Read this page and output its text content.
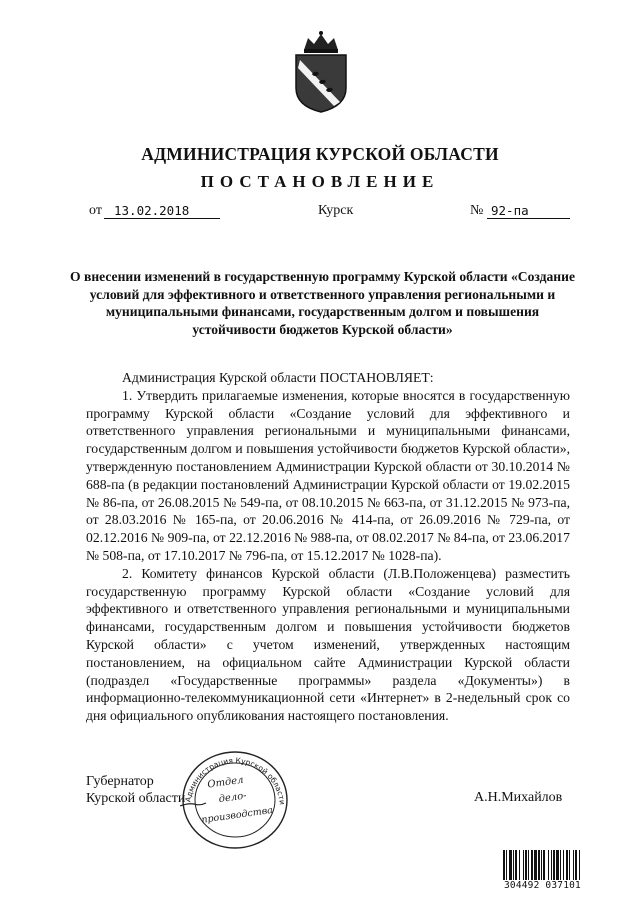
АДМИНИСТРАЦИЯ КУРСКОЙ ОБЛАСТИ
ПОСТАНОВЛЕНИЕ
от 13.02.2018	Курск	№ 92-па
О внесении изменений в государственную программу Курской области «Создание условий для эффективного и ответственного управления региональными и муниципальными финансами, государственным долгом и повышения устойчивости бюджетов Курской области»

Администрация Курской области ПОСТАНОВЛЯЕТ:

1. Утвердить прилагаемые изменения, которые вносятся в государственную программу Курской области «Создание условий для эффективного и ответственного управления региональными и муниципальными финансами, государственным долгом и повышения устойчивости бюджетов Курской области», утвержденную постановлением Администрации Курской области от 30.10.2014 № 688-па (в редакции постановлений Администрации Курской области от 19.02.2015 № 86-па, от 26.08.2015 № 549-па, от 08.10.2015 № 663-па, от 31.12.2015 № 973-па, от 28.03.2016 № 165-па, от 20.06.2016 № 414-па, от 26.09.2016 № 729-па, от 02.12.2016 № 909-па, от 22.12.2016 № 988-па, от 08.02.2017 № 84-па, от 23.06.2017 № 508-па, от 17.10.2017 № 796-па, от 15.12.2017 № 1028-па).

2. Комитету финансов Курской области (Л.В.Положенцева) разместить государственную программу Курской области «Создание условий для эффективного и ответственного управления региональными и муниципальными финансами, государственным долгом и повышения устойчивости бюджетов Курской области» с учетом изменений, утвержденных настоящим постановлением, на официальном сайте Администрации Курской области (подраздел «Государственные программы» раздела «Документы») в информационно-телекоммуникационной сети «Интернет» в 2-недельный срок со дня официального опубликования настоящего постановления.

Губернатор
Курской области	А.Н.Михайлов
Администрация Курской области
Отдел
дело-
производства
304492 037101
